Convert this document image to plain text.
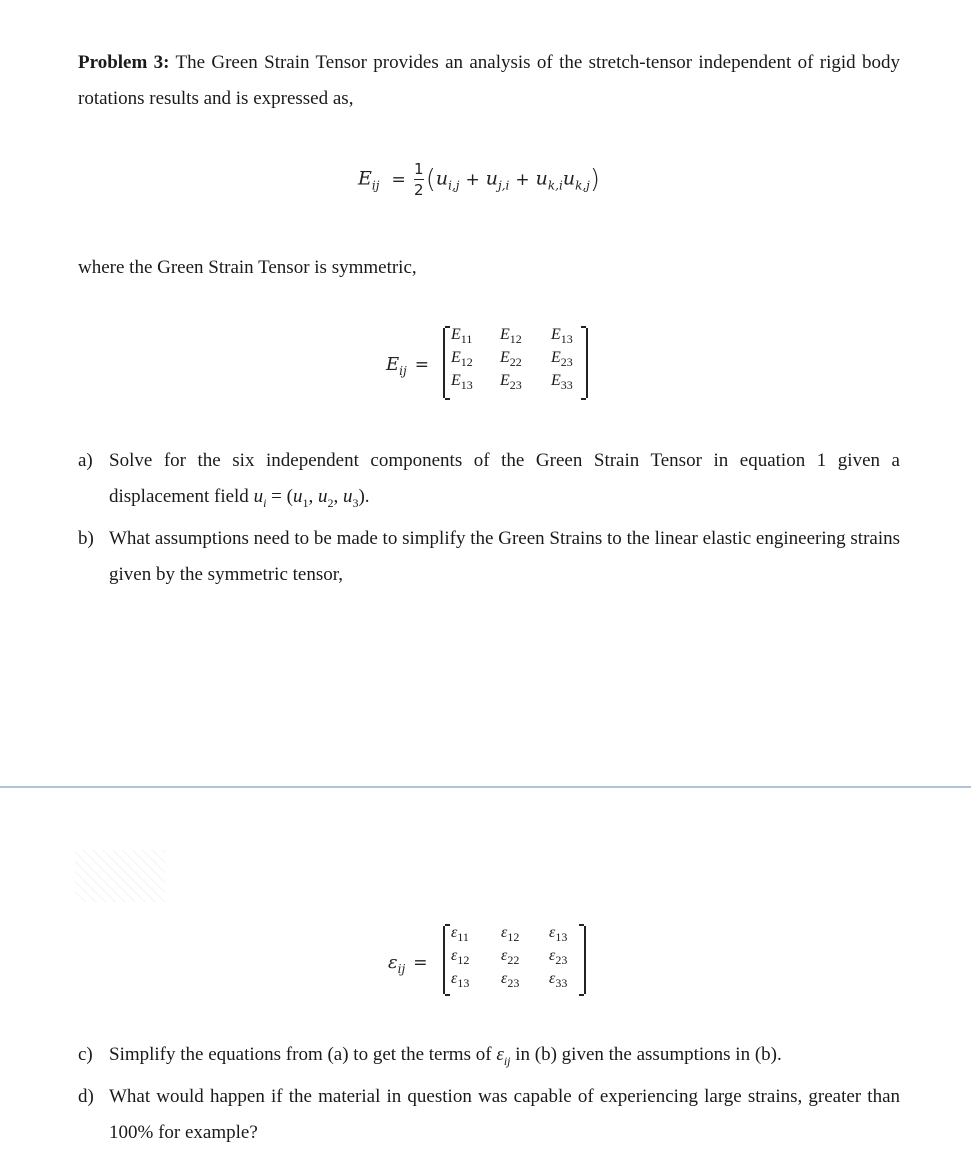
Problem 3: The Green Strain Tensor provides an analysis of the stretch-tensor independent of rigid body rotations results and is expressed as,
$E_{ij} = \frac{1}{2} (u_{i,j} + u_{j,i} + u_{k,i}u_{k,j})$
where the Green Strain Tensor is symmetric,
$E_{ij}$ =
$E_{11}$ $E_{12}$ $E_{13}$
$E_{12}$ $E_{22}$ $E_{23}$
$E_{13}$ $E_{23}$ $E_{33}$
a) Solve for the six independent components of the Green Strain Tensor in equation 1 given a displacement field $u_i = (u_1$, $u_2$, $u_3$).
b) What assumptions need to be made to simplify the Green Strains to the linear elastic engineering strains given by the symmetric tensor,
$\varepsilon_{ij}$ =
$\varepsilon_{11}$ $\varepsilon_{12}$ $\varepsilon_{13}$
$\varepsilon_{12}$ $\varepsilon_{22}$ $\varepsilon_{23}$
$\varepsilon_{13}$ $\varepsilon_{23}$ $\varepsilon_{33}$
c) Simplify the equations from (a) to get the terms of $\varepsilon_{ij}$ in (b) given the assumptions in (b).
d) What would happen if the material in question was capable of experiencing large strains, greater than 100% for example?
